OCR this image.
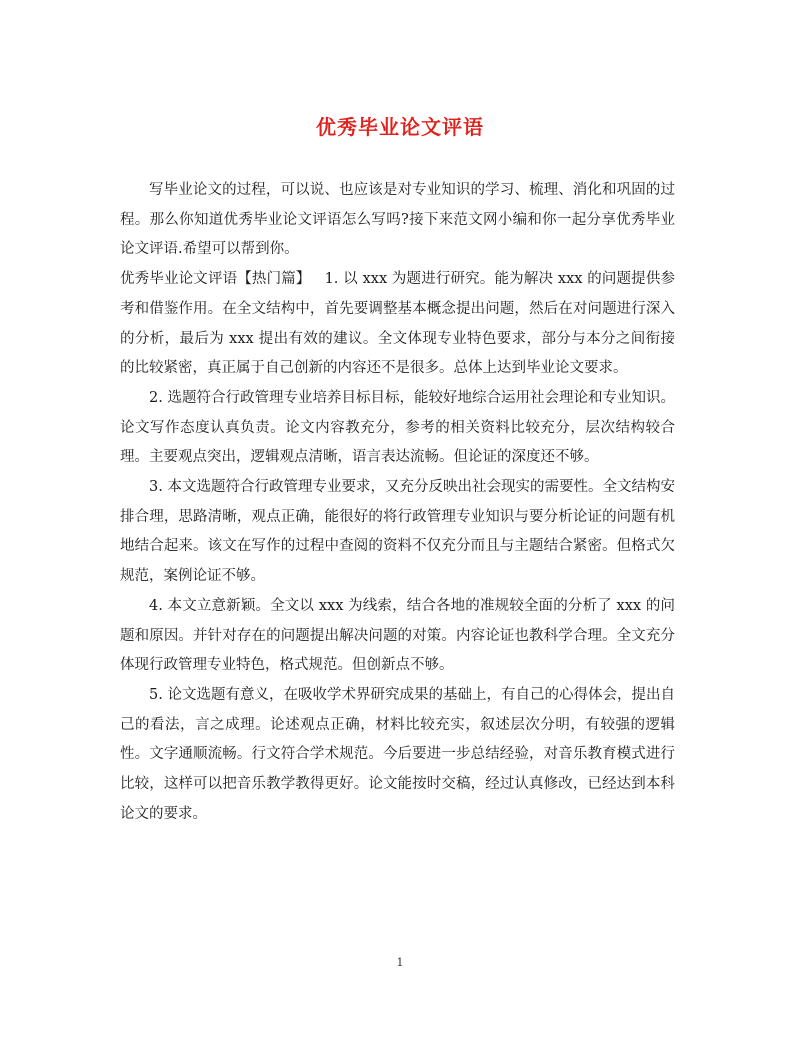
优秀毕业论文评语

写毕业论文的过程，可以说、也应该是对专业知识的学习、梳理、消化和巩固的过程。那么你知道优秀毕业论文评语怎么写吗?接下来范文网小编和你一起分享优秀毕业论文评语.希望可以帮到你。

优秀毕业论文评语【热门篇】 1. 以 xxx 为题进行研究。能为解决 xxx 的问题提供参考和借鉴作用。在全文结构中，首先要调整基本概念提出问题，然后在对问题进行深入的分析，最后为 xxx 提出有效的建议。全文体现专业特色要求，部分与本分之间衔接的比较紧密，真正属于自己创新的内容还不是很多。总体上达到毕业论文要求。

2. 选题符合行政管理专业培养目标目标，能较好地综合运用社会理论和专业知识。论文写作态度认真负责。论文内容教充分，参考的相关资料比较充分，层次结构较合理。主要观点突出，逻辑观点清晰，语言表达流畅。但论证的深度还不够。

3. 本文选题符合行政管理专业要求，又充分反映出社会现实的需要性。全文结构安排合理，思路清晰，观点正确，能很好的将行政管理专业知识与要分析论证的问题有机地结合起来。该文在写作的过程中查阅的资料不仅充分而且与主题结合紧密。但格式欠规范，案例论证不够。

4. 本文立意新颖。全文以 xxx 为线索，结合各地的准规较全面的分析了 xxx 的问题和原因。并针对存在的问题提出解决问题的对策。内容论证也教科学合理。全文充分体现行政管理专业特色，格式规范。但创新点不够。

5. 论文选题有意义，在吸收学术界研究成果的基础上，有自己的心得体会，提出自己的看法，言之成理。论述观点正确，材料比较充实，叙述层次分明，有较强的逻辑性。文字通顺流畅。行文符合学术规范。今后要进一步总结经验，对音乐教育模式进行比较，这样可以把音乐教学教得更好。论文能按时交稿，经过认真修改，已经达到本科论文的要求。

1
